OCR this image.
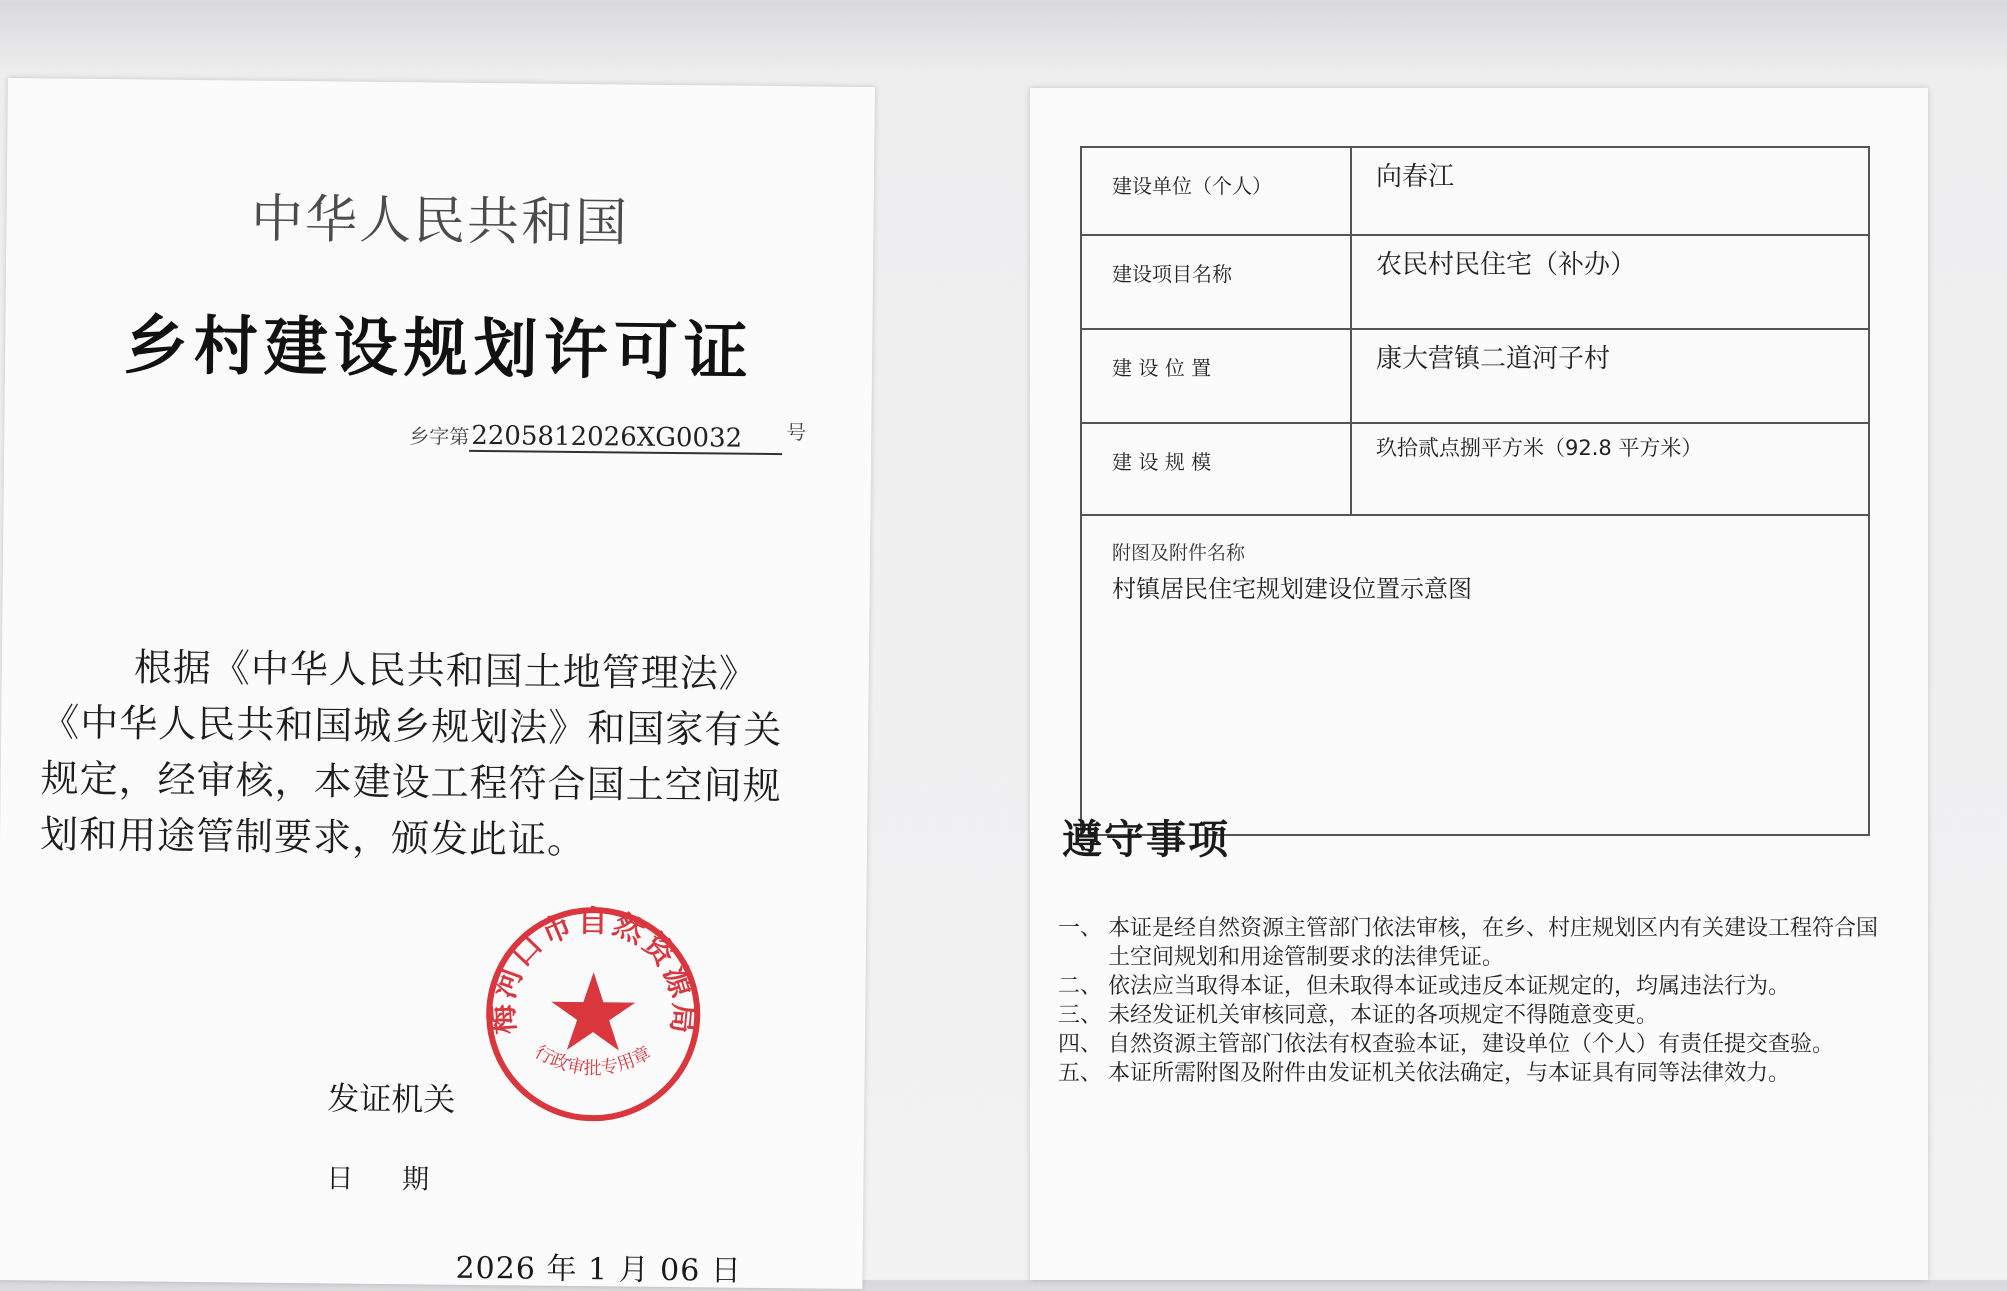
中华人民共和国
乡村建设规划许可证
乡字第2205812026XG0032 号
根据《中华人民共和国土地管理法》《中华人民共和国城乡规划法》和国家有关规定，经审核，本建设工程符合国土空间规划和用途管制要求，颁发此证。
发证机关
日 期
2026 年 1 月 06 日
梅河口市自然资源局
行政审批专用章
建设单位（个人）	向春江
建设项目名称	农民村民住宅（补办）
建 设 位 置	康大营镇二道河子村
建 设 规 模	玖拾贰点捌平方米（92.8 平方米）

附图及附件名称
村镇居民住宅规划建设位置示意图	
遵守事项
一、 本证是经自然资源主管部门依法审核，在乡、村庄规划区内有关建设工程符合国土空间规划和用途管制要求的法律凭证。
二、 依法应当取得本证，但未取得本证或违反本证规定的，均属违法行为。
三、 未经发证机关审核同意，本证的各项规定不得随意变更。
四、 自然资源主管部门依法有权查验本证，建设单位（个人）有责任提交查验。
五、 本证所需附图及附件由发证机关依法确定，与本证具有同等法律效力。
